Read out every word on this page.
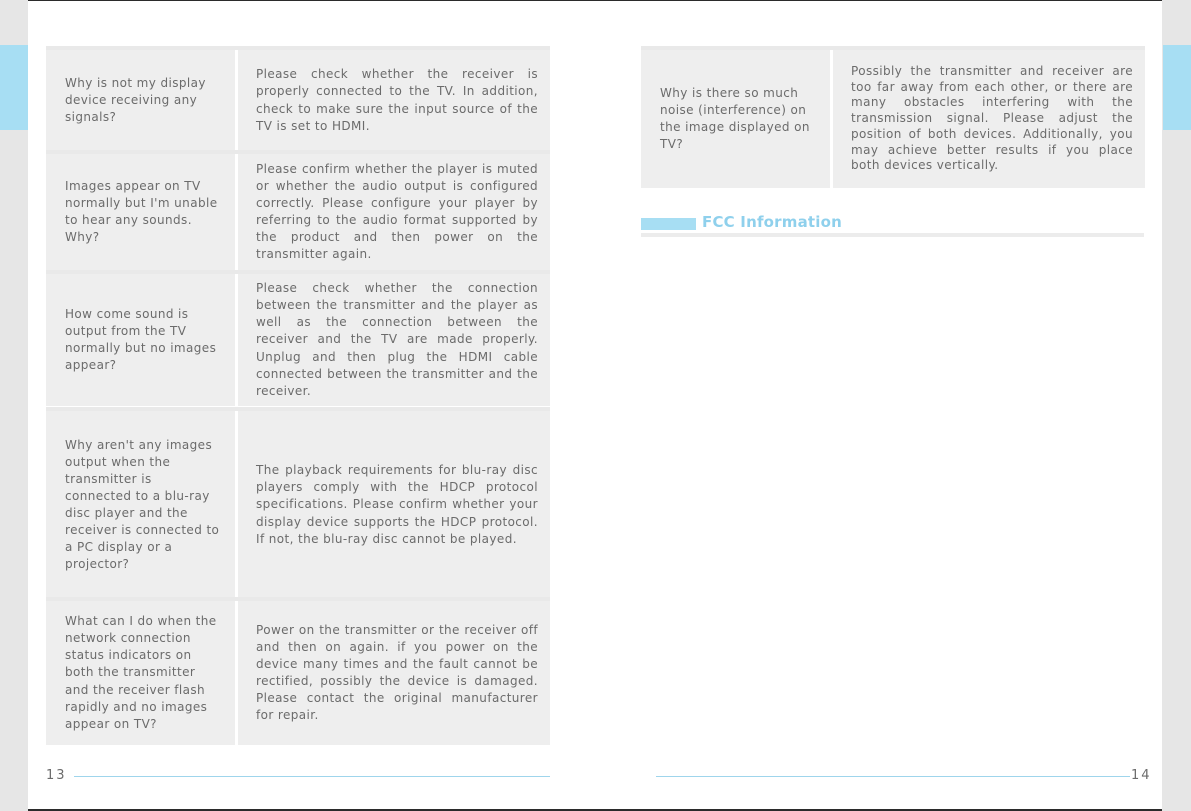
Why is not my display device receiving any signals?
Please check whether the receiver is properly connected to the TV. In addition, check to make sure the input source of the TV is set to HDMI.
Images appear on TV normally but I'm unable to hear any sounds. Why?
Please confirm whether the player is muted or whether the audio output is configured correctly. Please configure your player by referring to the audio format supported by the product and then power on the transmitter again.
How come sound is output from the TV normally but no images appear?
Please check whether the connection between the transmitter and the player as well as the connection between the receiver and the TV are made properly. Unplug and then plug the HDMI cable connected between the transmitter and the receiver.
Why aren't any images output when the transmitter is connected to a blu-ray disc player and the receiver is connected to a PC display or a projector?
The playback requirements for blu-ray disc players comply with the HDCP protocol specifications. Please confirm whether your display device supports the HDCP protocol. If not, the blu-ray disc cannot be played.
What can I do when the network connection status indicators on both the transmitter and the receiver flash rapidly and no images appear on TV?
Power on the transmitter or the receiver off and then on again. if you power on the device many times and the fault cannot be rectified, possibly the device is damaged. Please contact the original manufacturer for repair.
13
Why is there so much noise (interference) on the image displayed on TV?
Possibly the transmitter and receiver are too far away from each other, or there are many obstacles interfering with the transmission signal. Please adjust the position of both devices. Additionally, you may achieve better results if you place both devices vertically.
FCC Information
14
